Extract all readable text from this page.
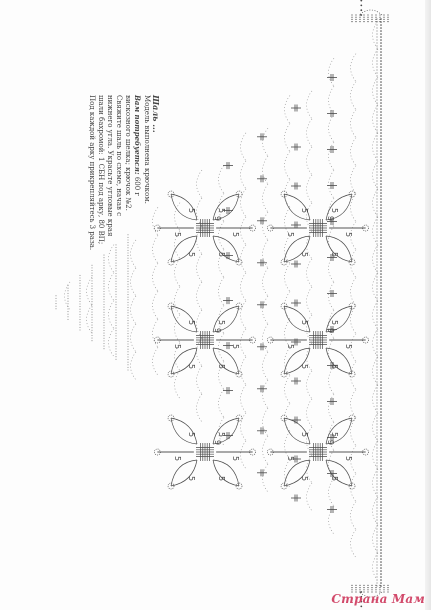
5	5
5	5
5	5
9
5	5
5	5
5	5
9
5	5
5	5
5	5
9
5	5
5	5
5	5
9
5	5
5	5
5	5
9
5	5
5	5
5	5
9
Шаль ...
Модель выполнена крючком.
Вам потребуется: 600 г
вискозного шелка; крючок №2.
Свяжите шаль по схеме, начав с
нижнего угла. Украсьте угловые края
шали бахромой: 1 СБН под арку, 80 ВП;
Под каждой арку прикрепляйтесь 3 раза.
Страна Мам
